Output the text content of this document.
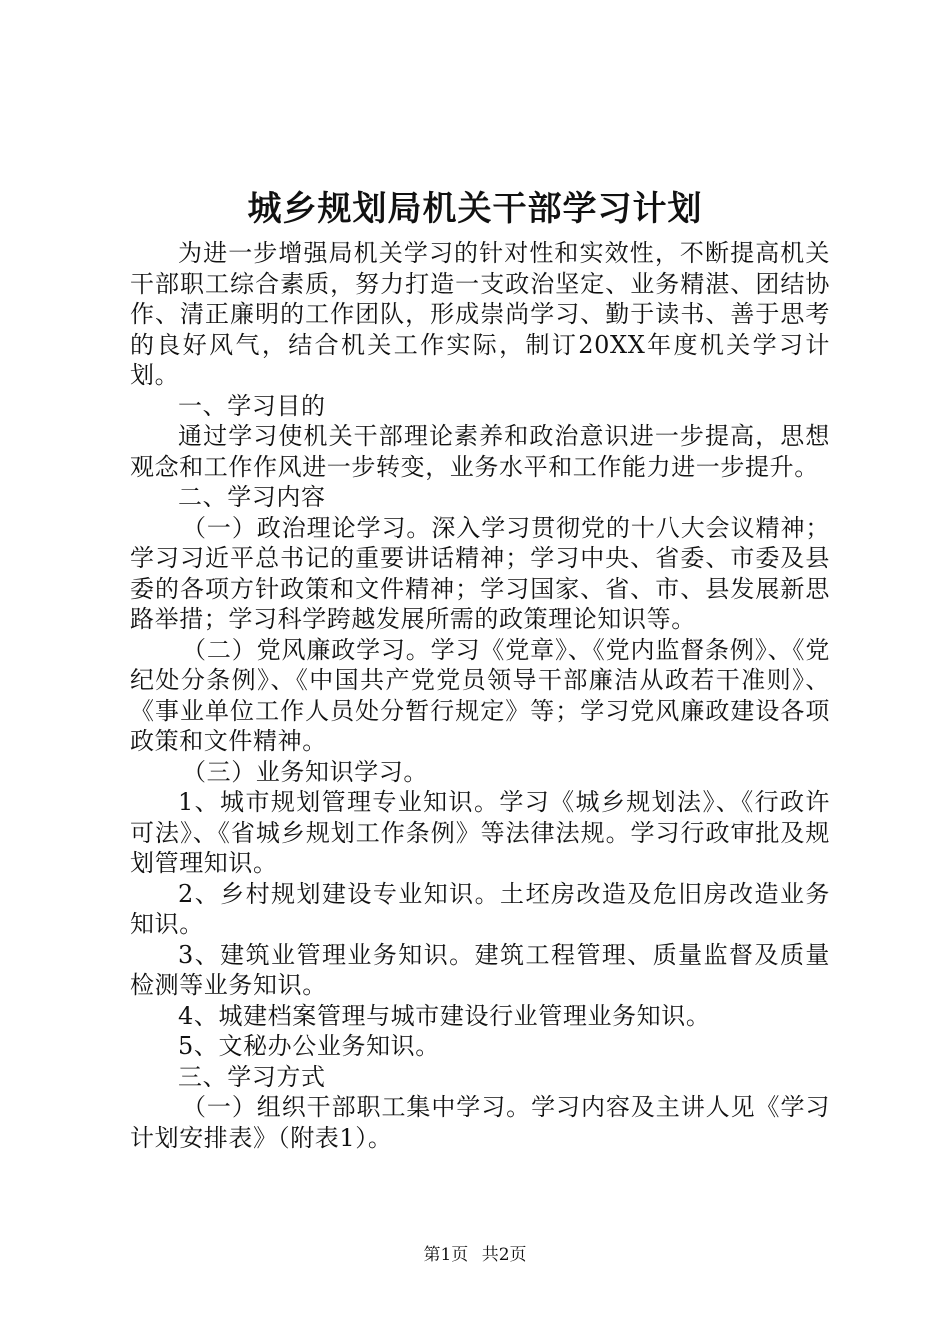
城乡规划局机关干部学习计划

为进一步增强局机关学习的针对性和实效性，不断提高机关干部职工综合素质，努力打造一支政治坚定、业务精湛、团结协作、清正廉明的工作团队，形成崇尚学习、勤于读书、善于思考的良好风气，结合机关工作实际，制订20XX年度机关学习计划。

一、学习目的

通过学习使机关干部理论素养和政治意识进一步提高，思想观念和工作作风进一步转变，业务水平和工作能力进一步提升。

二、学习内容

（一）政治理论学习。深入学习贯彻党的十八大会议精神；学习习近平总书记的重要讲话精神；学习中央、省委、市委及县委的各项方针政策和文件精神；学习国家、省、市、县发展新思路举措；学习科学跨越发展所需的政策理论知识等。

（二）党风廉政学习。学习《党章》、《党内监督条例》、《党纪处分条例》、《中国共产党党员领导干部廉洁从政若干准则》、《事业单位工作人员处分暂行规定》等；学习党风廉政建设各项政策和文件精神。

（三）业务知识学习。

1、城市规划管理专业知识。学习《城乡规划法》、《行政许可法》、《省城乡规划工作条例》等法律法规。学习行政审批及规划管理知识。

2、乡村规划建设专业知识。土坯房改造及危旧房改造业务知识。

3、建筑业管理业务知识。建筑工程管理、质量监督及质量检测等业务知识。

4、城建档案管理与城市建设行业管理业务知识。

5、文秘办公业务知识。

三、学习方式

（一）组织干部职工集中学习。学习内容及主讲人见《学习计划安排表》（附表1）。

第1页 共2页
